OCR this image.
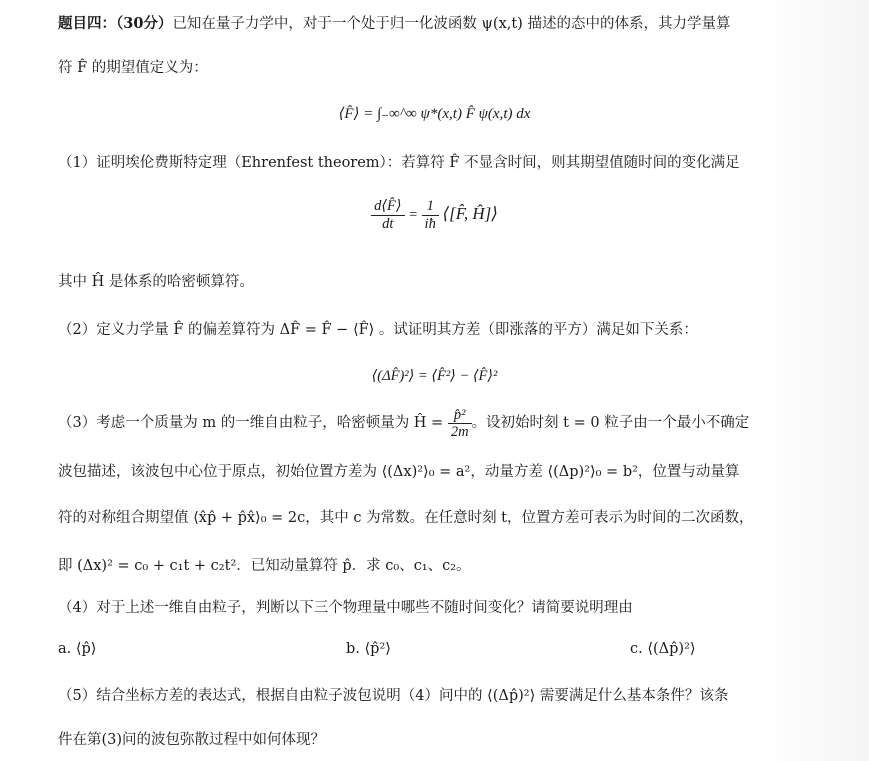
题目四：（30分）已知在量子力学中，对于一个处于归一化波函数 ψ(x,t) 描述的态中的体系，其力学量算
符 F̂ 的期望值定义为：
⟨F̂⟩ = ∫₋∞^∞ ψ*(x,t) F̂ ψ(x,t) dx
（1）证明埃伦费斯特定理（Ehrenfest theorem）：若算符 F̂ 不显含时间，则其期望值随时间的变化满足
$\frac{d⟨F̂⟩}{dt} = \frac{1}{iħ}$ ⟨[F̂, Ĥ]⟩
其中 Ĥ 是体系的哈密顿算符。
（2）定义力学量 F̂ 的偏差算符为 ΔF̂ = F̂ − ⟨F̂⟩ 。试证明其方差（即涨落的平方）满足如下关系：
⟨(ΔF̂)²⟩ = ⟨F̂²⟩ − ⟨F̂⟩²
（3）考虑一个质量为 m 的一维自由粒子，哈密顿量为 Ĥ = $\frac{\text{p̂²}}{2m}$ 。设初始时刻 t = 0 粒子由一个最小不确定
波包描述，该波包中心位于原点，初始位置方差为 ⟨(Δx)²⟩₀ = a²，动量方差 ⟨(Δp)²⟩₀ = b²，位置与动量算
符的对称组合期望值 ⟨x̂p̂ + p̂x̂⟩₀ = 2c，其中 c 为常数。在任意时刻 t，位置方差可表示为时间的二次函数，
即 (Δx)² = c₀ + c₁t + c₂t²．已知动量算符 p̂．求 c₀、c₁、c₂。
（4）对于上述一维自由粒子，判断以下三个物理量中哪些不随时间变化？请简要说明理由
a. ⟨p̂⟩	b. ⟨p̂²⟩	c. ⟨(Δp̂)²⟩
（5）结合坐标方差的表达式，根据自由粒子波包说明（4）问中的 ⟨(Δp̂)²⟩ 需要满足什么基本条件？该条
件在第(3)问的波包弥散过程中如何体现？
